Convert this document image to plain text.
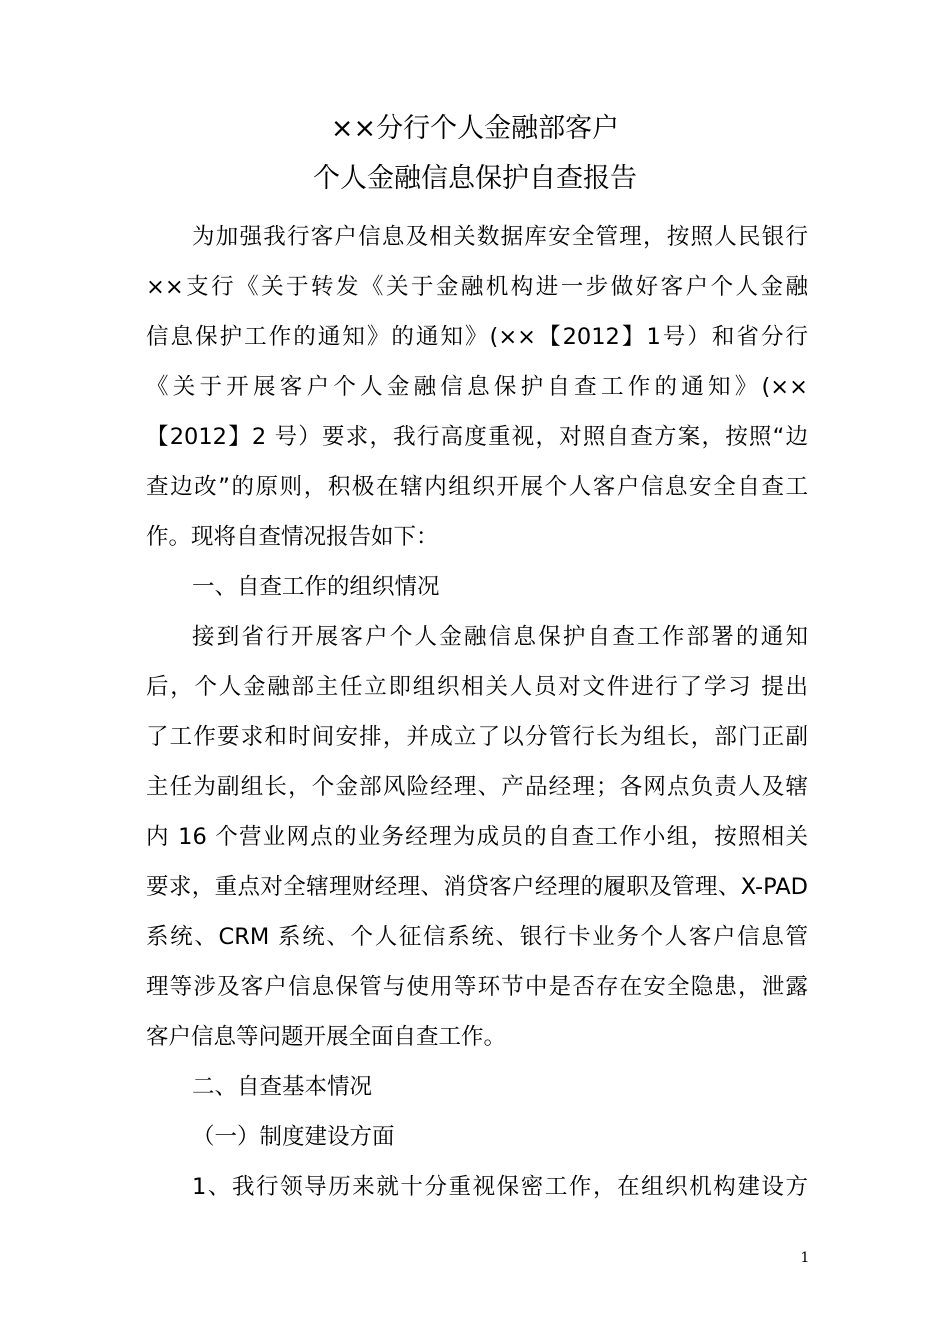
××分行个人金融部客户
个人金融信息保护自查报告
为加强我行客户信息及相关数据库安全管理，按照人民银行
××支行《关于转发《关于金融机构进一步做好客户个人金融
信息保护工作的通知》的通知》(××【2012】1号）和省分行
《关于开展客户个人金融信息保护自查工作的通知》(××
【2012】2 号）要求，我行高度重视，对照自查方案，按照“边
查边改”的原则，积极在辖内组织开展个人客户信息安全自查工
作。现将自查情况报告如下：
一、自查工作的组织情况
接到省行开展客户个人金融信息保护自查工作部署的通知
后，个人金融部主任立即组织相关人员对文件进行了学习 提出
了工作要求和时间安排，并成立了以分管行长为组长，部门正副
主任为副组长，个金部风险经理、产品经理；各网点负责人及辖
内 16 个营业网点的业务经理为成员的自查工作小组，按照相关
要求，重点对全辖理财经理、消贷客户经理的履职及管理、X-PAD
系统、CRM 系统、个人征信系统、银行卡业务个人客户信息管
理等涉及客户信息保管与使用等环节中是否存在安全隐患，泄露
客户信息等问题开展全面自查工作。
二、自查基本情况
（一）制度建设方面
1、我行领导历来就十分重视保密工作，在组织机构建设方
1
